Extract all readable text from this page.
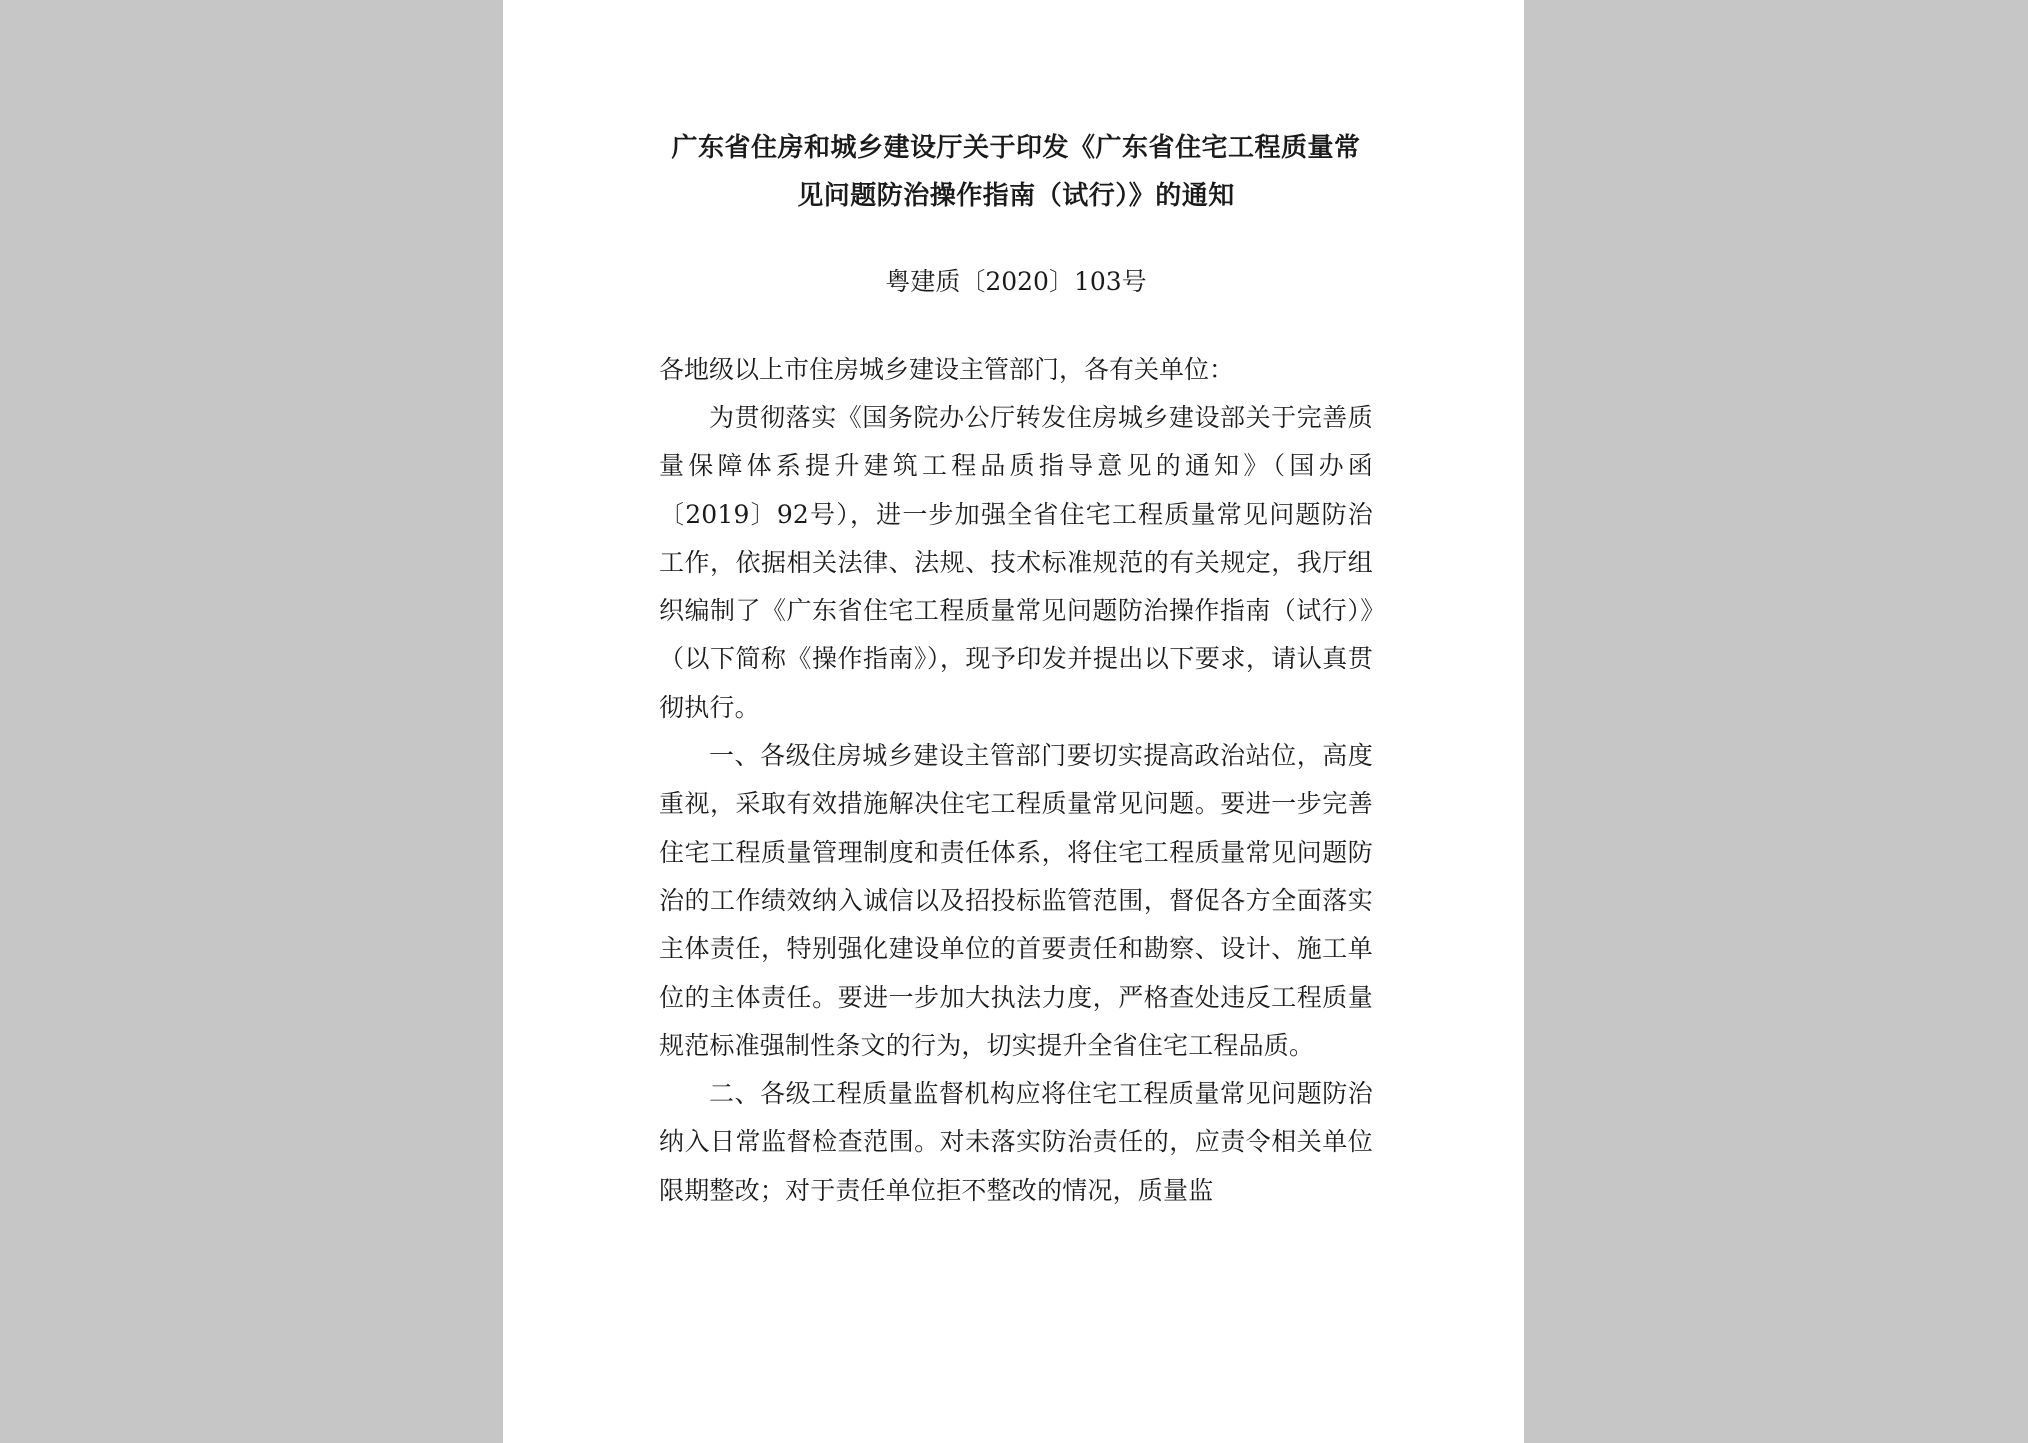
广东省住房和城乡建设厅关于印发《广东省住宅工程质量常见问题防治操作指南（试行）》的通知

粤建质〔2020〕103号

各地级以上市住房城乡建设主管部门，各有关单位：

为贯彻落实《国务院办公厅转发住房城乡建设部关于完善质量保障体系提升建筑工程品质指导意见的通知》（国办函〔2019〕92号），进一步加强全省住宅工程质量常见问题防治工作，依据相关法律、法规、技术标准规范的有关规定，我厅组织编制了《广东省住宅工程质量常见问题防治操作指南（试行）》（以下简称《操作指南》），现予印发并提出以下要求，请认真贯彻执行。

一、各级住房城乡建设主管部门要切实提高政治站位，高度重视，采取有效措施解决住宅工程质量常见问题。要进一步完善住宅工程质量管理制度和责任体系，将住宅工程质量常见问题防治的工作绩效纳入诚信以及招投标监管范围，督促各方全面落实主体责任，特别强化建设单位的首要责任和勘察、设计、施工单位的主体责任。要进一步加大执法力度，严格查处违反工程质量规范标准强制性条文的行为，切实提升全省住宅工程品质。

二、各级工程质量监督机构应将住宅工程质量常见问题防治纳入日常监督检查范围。对未落实防治责任的，应责令相关单位限期整改；对于责任单位拒不整改的情况，质量监
